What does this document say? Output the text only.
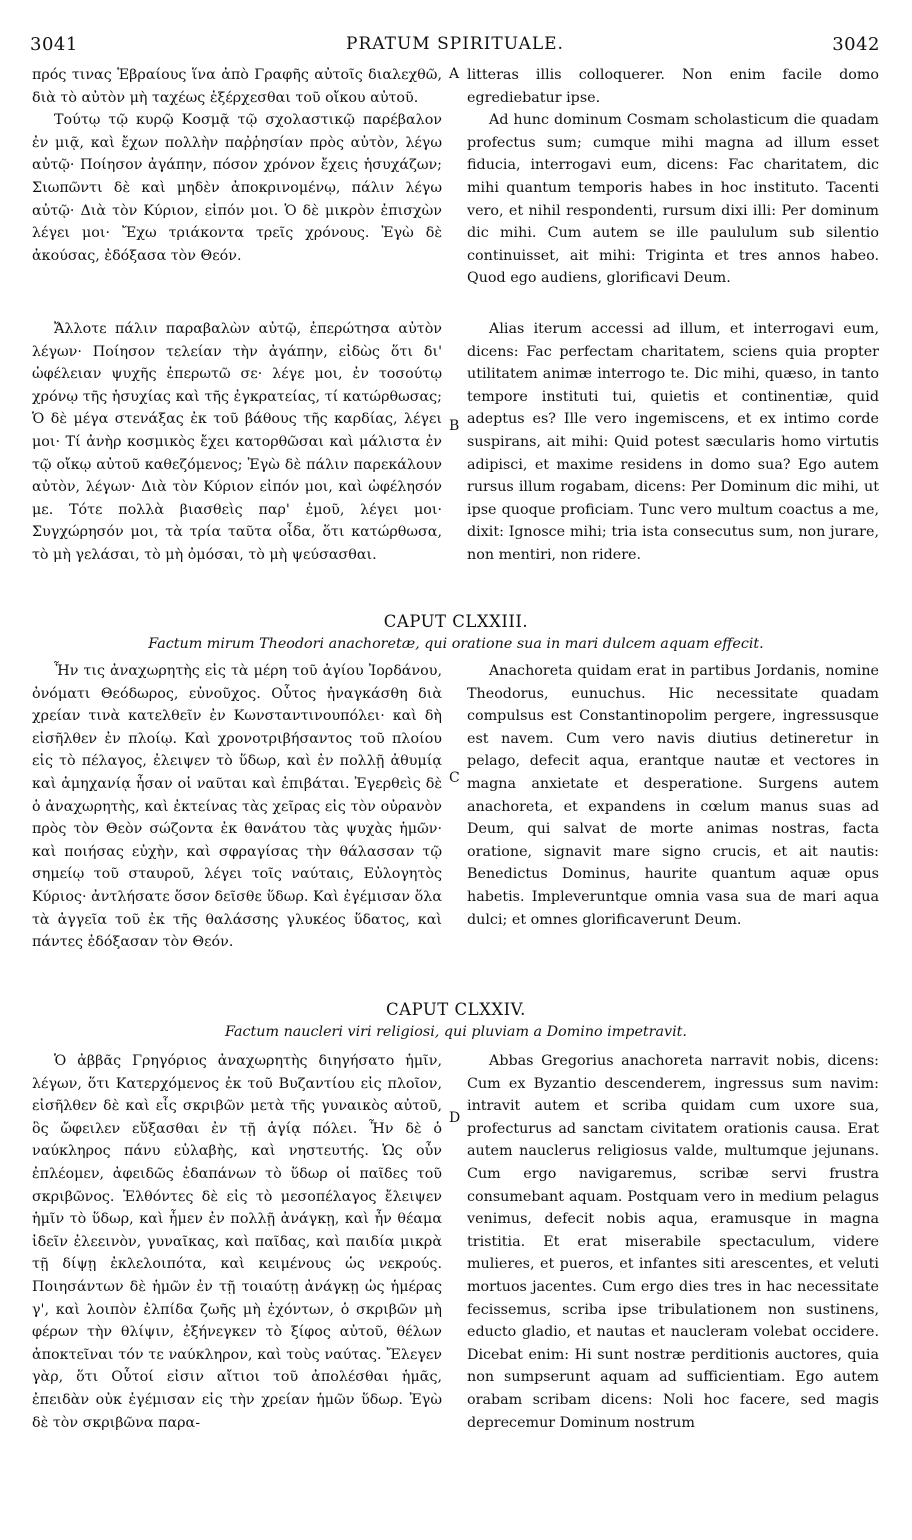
3041	PRATUM SPIRITUALE.	3042

πρός τινας Ἑβραίους ἵνα ἀπὸ Γραφῆς αὐτοῖς διαλεχθῶ, διὰ τὸ αὐτὸν μὴ ταχέως ἐξέρχεσθαι τοῦ οἴκου αὐτοῦ.

Τούτῳ τῷ κυρῷ Κοσμᾷ τῷ σχολαστικῷ παρέβαλον ἐν μιᾷ, καὶ ἔχων πολλὴν παῤῥησίαν πρὸς αὐτὸν, λέγω αὐτῷ· Ποίησον ἀγάπην, πόσον χρόνον ἔχεις ἡσυχάζων; Σιωπῶντι δὲ καὶ μηδὲν ἀποκρινομένῳ, πάλιν λέγω αὐτῷ· Διὰ τὸν Κύριον, εἰπόν μοι. Ὁ δὲ μικρὸν ἐπισχὼν λέγει μοι· Ἔχω τριάκοντα τρεῖς χρόνους. Ἐγὼ δὲ ἀκούσας, ἐδόξασα τὸν Θεόν.

litteras illis colloquerer. Non enim facile domo egrediebatur ipse.

Ad hunc dominum Cosmam scholasticum die quadam profectus sum; cumque mihi magna ad illum esset fiducia, interrogavi eum, dicens: Fac charitatem, dic mihi quantum temporis habes in hoc instituto. Tacenti vero, et nihil respondenti, rursum dixi illi: Per dominum dic mihi. Cum autem se ille paululum sub silentio continuisset, ait mihi: Triginta et tres annos habeo. Quod ego audiens, glorificavi Deum.

Ἄλλοτε πάλιν παραβαλὼν αὐτῷ, ἐπερώτησα αὐτὸν λέγων· Ποίησον τελείαν τὴν ἀγάπην, εἰδὼς ὅτι δι' ὠφέλειαν ψυχῆς ἐπερωτῶ σε· λέγε μοι, ἐν τοσούτῳ χρόνῳ τῆς ἡσυχίας καὶ τῆς ἐγκρατείας, τί κατώρθωσας; Ὁ δὲ μέγα στενάξας ἐκ τοῦ βάθους τῆς καρδίας, λέγει μοι· Τί ἀνὴρ κοσμικὸς ἔχει κατορθῶσαι καὶ μάλιστα ἐν τῷ οἴκῳ αὐτοῦ καθεζόμενος; Ἐγὼ δὲ πάλιν παρεκάλουν αὐτὸν, λέγων· Διὰ τὸν Κύριον εἰπόν μοι, καὶ ὠφέλησόν με. Τότε πολλὰ βιασθεὶς παρ' ἐμοῦ, λέγει μοι· Συγχώρησόν μοι, τὰ τρία ταῦτα οἶδα, ὅτι κατώρθωσα, τὸ μὴ γελάσαι, τὸ μὴ ὀμόσαι, τὸ μὴ ψεύσασθαι.

Alias iterum accessi ad illum, et interrogavi eum, dicens: Fac perfectam charitatem, sciens quia propter utilitatem animæ interrogo te. Dic mihi, quæso, in tanto tempore instituti tui, quietis et continentiæ, quid adeptus es? Ille vero ingemiscens, et ex intimo corde suspirans, ait mihi: Quid potest sæcularis homo virtutis adipisci, et maxime residens in domo sua? Ego autem rursus illum rogabam, dicens: Per Dominum dic mihi, ut ipse quoque proficiam. Tunc vero multum coactus a me, dixit: Ignosce mihi; tria ista consecutus sum, non jurare, non mentiri, non ridere.

A
B
C
D
CAPUT CLXXIII.
Factum mirum Theodori anachoretæ, qui oratione sua in mari dulcem aquam effecit.

Ἦν τις ἀναχωρητὴς εἰς τὰ μέρη τοῦ ἁγίου Ἰορδάνου, ὀνόματι Θεόδωρος, εὐνοῦχος. Οὗτος ἠναγκάσθη διὰ χρείαν τινὰ κατελθεῖν ἐν Κωνσταντινουπόλει· καὶ δὴ εἰσῆλθεν ἐν πλοίῳ. Καὶ χρονοτριβήσαντος τοῦ πλοίου εἰς τὸ πέλαγος, ἐλειψεν τὸ ὕδωρ, καὶ ἐν πολλῇ ἀθυμίᾳ καὶ ἀμηχανίᾳ ἦσαν οἱ ναῦται καὶ ἐπιβάται. Ἐγερθεὶς δὲ ὁ ἀναχωρητὴς, καὶ ἐκτείνας τὰς χεῖρας εἰς τὸν οὐρανὸν πρὸς τὸν Θεὸν σώζοντα ἐκ θανάτου τὰς ψυχὰς ἡμῶν· καὶ ποιήσας εὐχὴν, καὶ σφραγίσας τὴν θάλασσαν τῷ σημείῳ τοῦ σταυροῦ, λέγει τοῖς ναύταις, Εὐλογητὸς Κύριος· ἀντλήσατε ὅσον δεῖσθε ὕδωρ. Καὶ ἐγέμισαν ὅλα τὰ ἀγγεῖα τοῦ ἐκ τῆς θαλάσσης γλυκέος ὕδατος, καὶ πάντες ἐδόξασαν τὸν Θεόν.

Anachoreta quidam erat in partibus Jordanis, nomine Theodorus, eunuchus. Hic necessitate quadam compulsus est Constantinopolim pergere, ingressusque est navem. Cum vero navis diutius detineretur in pelago, defecit aqua, erantque nautæ et vectores in magna anxietate et desperatione. Surgens autem anachoreta, et expandens in cœlum manus suas ad Deum, qui salvat de morte animas nostras, facta oratione, signavit mare signo crucis, et ait nautis: Benedictus Dominus, haurite quantum aquæ opus habetis. Impleveruntque omnia vasa sua de mari aqua dulci; et omnes glorificaverunt Deum.

CAPUT CLXXIV.
Factum naucleri viri religiosi, qui pluviam a Domino impetravit.

Ὁ ἀββᾶς Γρηγόριος ἀναχωρητὴς διηγήσατο ἡμῖν, λέγων, ὅτι Κατερχόμενος ἐκ τοῦ Βυζαντίου εἰς πλοῖον, εἰσῆλθεν δὲ καὶ εἷς σκριβῶν μετὰ τῆς γυναικὸς αὐτοῦ, ὃς ὤφειλεν εὔξασθαι ἐν τῇ ἁγίᾳ πόλει. Ἦν δὲ ὁ ναύκληρος πάνυ εὐλαβὴς, καὶ νηστευτής. Ὡς οὖν ἐπλέομεν, ἀφειδῶς ἐδαπάνων τὸ ὕδωρ οἱ παῖδες τοῦ σκριβῶνος. Ἐλθόντες δὲ εἰς τὸ μεσοπέλαγος ἔλειψεν ἡμῖν τὸ ὕδωρ, καὶ ἦμεν ἐν πολλῇ ἀνάγκῃ, καὶ ἦν θέαμα ἰδεῖν ἐλεεινὸν, γυναῖκας, καὶ παῖδας, καὶ παιδία μικρὰ τῇ δίψῃ ἐκλελοιπότα, καὶ κειμένους ὡς νεκρούς. Ποιησάντων δὲ ἡμῶν ἐν τῇ τοιαύτῃ ἀνάγκῃ ὡς ἡμέρας γ', καὶ λοιπὸν ἐλπίδα ζωῆς μὴ ἐχόντων, ὁ σκριβῶν μὴ φέρων τὴν θλίψιν, ἐξήνεγκεν τὸ ξίφος αὐτοῦ, θέλων ἀποκτεῖναι τόν τε ναύκληρον, καὶ τοὺς ναύτας. Ἔλεγεν γὰρ, ὅτι Οὗτοί εἰσιν αἴτιοι τοῦ ἀπολέσθαι ἡμᾶς, ἐπειδὰν οὐκ ἐγέμισαν εἰς τὴν χρείαν ἡμῶν ὕδωρ. Ἐγὼ δὲ τὸν σκριβῶνα παρα-

Abbas Gregorius anachoreta narravit nobis, dicens: Cum ex Byzantio descenderem, ingressus sum navim: intravit autem et scriba quidam cum uxore sua, profecturus ad sanctam civitatem orationis causa. Erat autem nauclerus religiosus valde, multumque jejunans. Cum ergo navigaremus, scribæ servi frustra consumebant aquam. Postquam vero in medium pelagus venimus, defecit nobis aqua, eramusque in magna tristitia. Et erat miserabile spectaculum, videre mulieres, et pueros, et infantes siti arescentes, et veluti mortuos jacentes. Cum ergo dies tres in hac necessitate fecissemus, scriba ipse tribulationem non sustinens, educto gladio, et nautas et naucleram volebat occidere. Dicebat enim: Hi sunt nostræ perditionis auctores, quia non sumpserunt aquam ad sufficientiam. Ego autem orabam scribam dicens: Noli hoc facere, sed magis deprecemur Dominum nostrum
